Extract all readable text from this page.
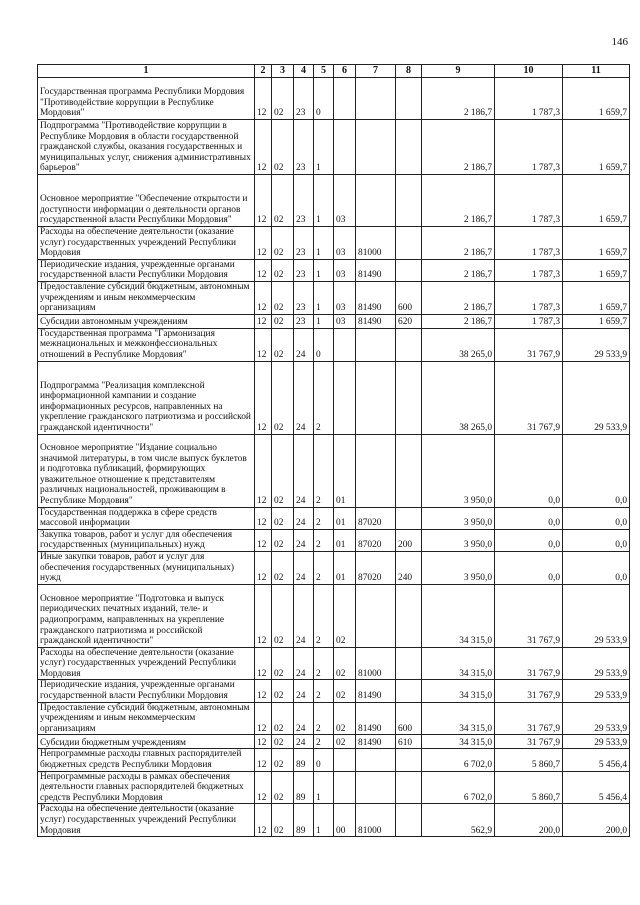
146
1	2	3	4	5	6	7	8	9	10	11
Государственная программа Республики Мордовия "Противодействие коррупции в Республике Мордовия"	12	02	23	0				2 186,7	1 787,3	1 659,7
Подпрограмма "Противодействие коррупции в Республике Мордовия в области государственной гражданской службы, оказания государственных и муниципальных услуг, снижения административных барьеров"	12	02	23	1				2 186,7	1 787,3	1 659,7
Основное мероприятие "Обеспечение открытости и доступности информации о деятельности органов государственной власти Республики Мордовия"	12	02	23	1	03			2 186,7	1 787,3	1 659,7
Расходы на обеспечение деятельности (оказание услуг) государственных учреждений Республики Мордовия	12	02	23	1	03	81000		2 186,7	1 787,3	1 659,7
Периодические издания, учрежденные органами государственной власти Республики Мордовия	12	02	23	1	03	81490		2 186,7	1 787,3	1 659,7
Предоставление субсидий бюджетным, автономным учреждениям и иным некоммерческим организациям	12	02	23	1	03	81490	600	2 186,7	1 787,3	1 659,7
Субсидии автономным учреждениям	12	02	23	1	03	81490	620	2 186,7	1 787,3	1 659,7
Государственная программа "Гармонизация межнациональных и межконфессиональных отношений в Республике Мордовия"	12	02	24	0				38 265,0	31 767,9	29 533,9
Подпрограмма "Реализация комплексной информационной кампании и создание информационных ресурсов, направленных на укрепление гражданского патриотизма и российской гражданской идентичности"	12	02	24	2				38 265,0	31 767,9	29 533,9
Основное мероприятие "Издание социально значимой литературы, в том числе выпуск буклетов и подготовка публикаций, формирующих уважительное отношение к представителям различных национальностей, проживающим в Республике Мордовия"	12	02	24	2	01			3 950,0	0,0	0,0
Государственная поддержка в сфере средств массовой информации	12	02	24	2	01	87020		3 950,0	0,0	0,0
Закупка товаров, работ и услуг для обеспечения государственных (муниципальных) нужд	12	02	24	2	01	87020	200	3 950,0	0,0	0,0
Иные закупки товаров, работ и услуг для обеспечения государственных (муниципальных) нужд	12	02	24	2	01	87020	240	3 950,0	0,0	0,0
Основное мероприятие "Подготовка и выпуск периодических печатных изданий, теле- и радиопрограмм, направленных на укрепление гражданского патриотизма и российской гражданской идентичности"	12	02	24	2	02			34 315,0	31 767,9	29 533,9
Расходы на обеспечение деятельности (оказание услуг) государственных учреждений Республики Мордовия	12	02	24	2	02	81000		34 315,0	31 767,9	29 533,9
Периодические издания, учрежденные органами государственной власти Республики Мордовия	12	02	24	2	02	81490		34 315,0	31 767,9	29 533,9
Предоставление субсидий бюджетным, автономным учреждениям и иным некоммерческим организациям	12	02	24	2	02	81490	600	34 315,0	31 767,9	29 533,9
Субсидии бюджетным учреждениям	12	02	24	2	02	81490	610	34 315,0	31 767,9	29 533,9
Непрограммные расходы главных распорядителей бюджетных средств Республики Мордовия	12	02	89	0				6 702,0	5 860,7	5 456,4
Непрограммные расходы в рамках обеспечения деятельности главных распорядителей бюджетных средств Республики Мордовия	12	02	89	1				6 702,0	5 860,7	5 456,4
Расходы на обеспечение деятельности (оказание услуг) государственных учреждений Республики Мордовия	12	02	89	1	00	81000		562,9	200,0	200,0
